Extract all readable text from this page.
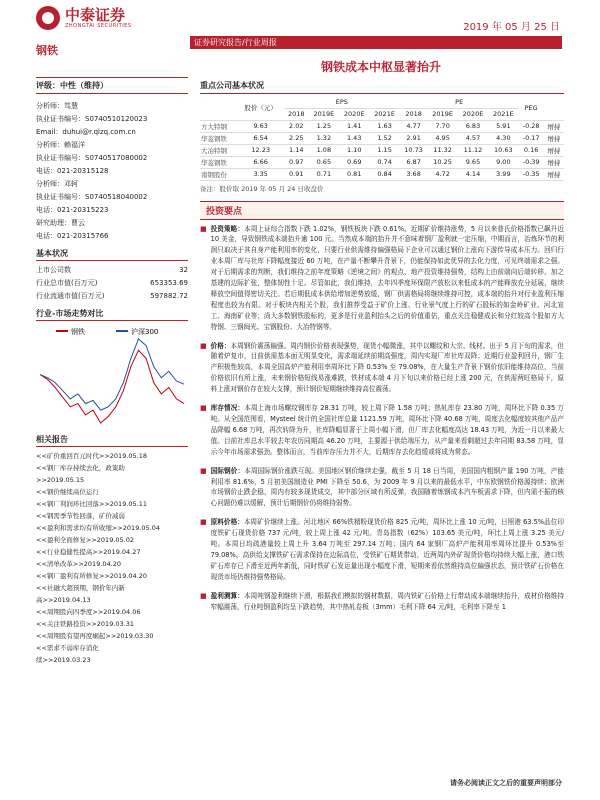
中泰证券
ZHONGTAI SECURITIES	2019 年 05 月 25 日
钢铁
证券研究报告/行业周报
钢铁成本中枢显著抬升
评级：中性（维持）
分析师：笃慧
执业证书编号：S0740510120023
Email：duhui@r.qlzq.com.cn
分析师：赖福洋
执业证书编号：S0740517080002
电话：021-20315128
分析师：邓轲
执业证书编号：S0740518040002
电话：021-20315223
研究助理：曹云
电话：021-20315766
基本状况
上市公司数	32
行业总市值(百万元)	653353.69
行业流通市值(百万元)	597882.72
行业-市场走势对比
钢铁	沪深300
相关报告
<<矿价重回百元时代>>2019.05.18
<<钢厂库存持续去化，政策助
>>2019.05.15
<<钢价继续高位运行
<<钢厂利润环比回落>>2019.05.11
<<钢需季节性回落，矿价减弱
<<盈利和需求均有所收缩>>2019.05.04
<<盈利全面修复>>2019.05.02
<<行业稳健性提高>>2019.04.27
<<清单改革>>2019.04.20
<<钢厂盈利有所修复>>2019.04.20
<<社融大超预期，钢价年内新
高>>2019.04.13
<<周期股向四季度>>2019.04.06
<<关注铁路投资>>2019.03.31
<<周期股有望再度崛起>>2019.03.30
<<需求不弱库存消化
续>>2019.03.23
重点公司基本状况
	股价（元）	EPS				PE				PEG	
		2018	2019E	2020E	2021E	2018	2019E	2020E	2021E		
方大特钢	9.63	2.02	1.25	1.41	1.63	4.77	7.70	6.83	5.91	-0.28	增持
华菱钢铁	6.54	2.25	1.32	1.43	1.52	2.91	4.95	4.57	4.30	-0.17	增持
大冶特钢	12.23	1.14	1.08	1.10	1.15	10.73	11.32	11.12	10.63	0.16	增持
华菱钢铁	6.66	0.97	0.65	0.69	0.74	6.87	10.25	9.65	9.00	-0.39	增持
南钢股份	3.35	0.91	0.71	0.81	0.84	3.68	4.72	4.14	3.99	-0.35	增持
备注：股价取 2019 年 05 月 24 日收盘价
投资要点
■ 投资策略：本周上证综合指数下跌 1.02%，钢铁板块下跌 0.61%。近期矿价维持涨势，5 月以来普氏价格指数已飙升近 10 美金，导致钢铁成本端抬升逾 100 元。当然成本端的抬升并不意味着钢厂盈利就一定压缩，中期而言，冶炼环节的利润只取决于其自身产能利用率的变化，只要行业供需维持偏强格局下企业可以通过钢价上涨向下游传导成本压力。回归行业本周厂库与社库下降幅度接近 60 万吨，在产量不断攀升背景下，仍能保持如此优异的去化力度，可见终端需求之强。对于后期需求的判断，我们维持之前年度策略《逆境之间》的观点，地产投资维持强势，结构上由前端向后端转移，加之基建的边际扩张，整体韧性十足。尽管如此，我们维持，去年四季度环保限产放松以来低成本的产能释放充分延展，继续释放空间值得密切关注。若后期低成本供给增加逆势放缓，钢厂供需格局将继续维持可控，成本端的抬升对行业盈利压缩程度也较为有限。对于板块内相关个股，我们推荐受益于矿价上涨、行业景气度上行的矿石股标的如金岭矿业、河北宣工、海南矿业等；尚大多数钢铁股标的，更多是行业盈利抬头之后的价值重估，重点关注稳健成长和分红较高个股如方大特钢、三钢闽光、宝钢股份、大冶特钢等。
■ 价格：本周钢价震荡偏强。周内钢价价格表现强势，现货小幅微涨，其中以螺纹和大宗、线材。出于 5 月下旬的需求，但随着炉复市，目前供需基本面无明显变化，需求端延续前期高强度，周内实现厂库社库双降；近期行业盈利回升，钢厂生产积极性较高，本周全国高炉产能利用率周环比下降 0.53% 至 79.08%，在大量生产背景下钢价依旧能维持高位，当前价格依旧有所上涨，未来钢价格短线易涨难跌，铁材成本端 4 月下旬以来价格已经上涨 200 元，在供需两旺格局下，原料上涨对钢价存在较大支撑，预计钢价短期继续维持高位震荡。
■ 库存情况：本周上海市场螺纹钢库存 28.31 万吨，较上周下降 1.58 万吨；热轧库存 23.80 万吨，周环比下降 0.35 万吨。从全国范围看，Mysteel 统计的全国社库总量 1121.59 万吨，周环比下降 40.68 万吨，周度去化幅度较其他产品产品降幅 6.68 万吨，再次转降为升，社库降幅显著于上周小幅下滑，但厂库去化幅度高达 18.43 万吨，为近一月以来最大值。目前社库总水平较去年农历同期高 46.20 万吨，主要源于供给端压力，从产量来看剩超过去年同期 83.58 万吨，显示今年市场需求强劲。整体而言，当前库存压力并不大，后期库存去化趋缓或将成为常态。
■ 国际钢价：本周国际钢价涨跌互现。美国地区钢价继续走强，截至 5 月 18 日当周，美国国内粗钢产量 190 万吨，产能利用率 81.6%，5 月初美国制造业 PMI 下降至 50.6，为 2009 年 9 月以来的最低水平，中东欧钢铁价格源持续；欧洲市场钢价止跌企稳，周内有较多现货成交，其中部分区域有所反弹，我国随着炼钢成本汽车板需求下降，但内需不振的核心问题仍难以缓解，预计后期钢价仍将维持弱势。
■ 原料价格：本周矿价继续上涨。河北地区 66%铁精粉现货价格 825 元/吨，周环比上涨 10 元/吨，日照港 63.5%品位印度铁矿石现货价格 737 元/吨，较上周上涨 42 元/吨。青岛指数（62%）103.65 美元/吨，环比上周上涨 3.25 美元/吨。本周日均疏港量较上周上升 3.64 万吨至 297.14 万吨；国内 64 家钢厂高炉产能利用率周环比提升 0.53%至 79.08%。高供给支撑铁矿石需求保持在边际高位，受铁矿石期货带动，近两周内外矿现货价格均持续大幅上涨，港口铁矿石库存已下滑至近两年新低，同时铁矿石发运量出现小幅度下滑，短期来看依然维持高位偏强状态，预计铁矿石价格在现货市场仍维持强势格局。
■ 盈利测算：本周吨钢盈利继续下滑，根据我们模拟的钢材数据，周内铁矿石价格上行带动成本端继续抬升，成材价格维持窄幅震荡，行业吨钢盈利均呈下跌趋势，其中热轧卷板（3mm）毛利下降 64 元/吨，毛利率下降至 1
请务必阅读正文之后的重要声明部分
